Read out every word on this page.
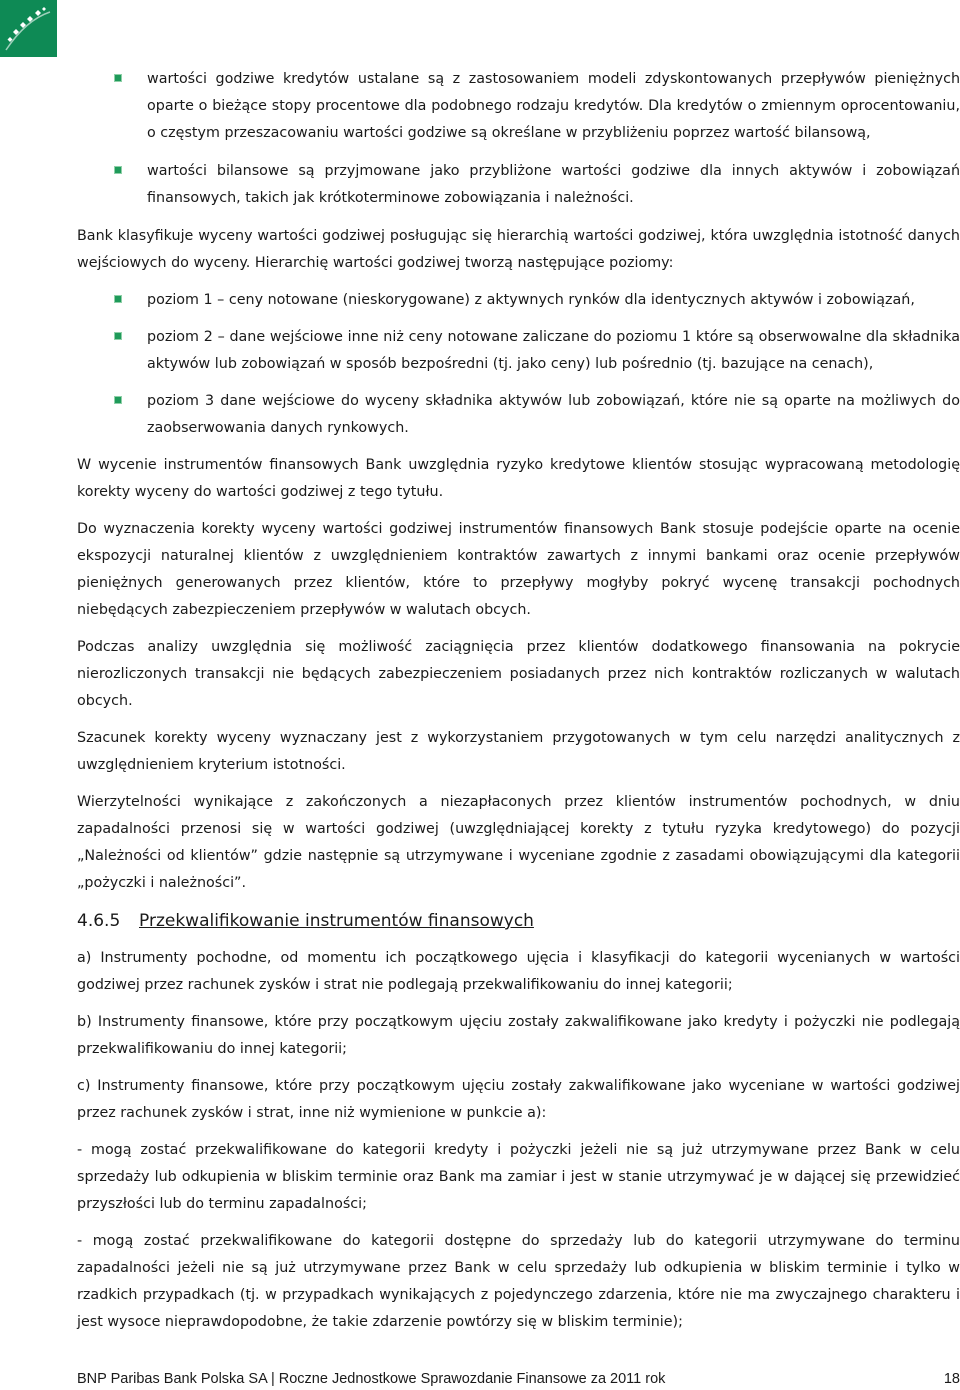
wartości godziwe kredytów ustalane są z zastosowaniem modeli zdyskontowanych przepływów pieniężnych oparte o bieżące stopy procentowe dla podobnego rodzaju kredytów. Dla kredytów o zmiennym oprocentowaniu, o częstym przeszacowaniu wartości godziwe są określane w przybliżeniu poprzez wartość bilansową,
wartości bilansowe są przyjmowane jako przybliżone wartości godziwe dla innych aktywów i zobowiązań finansowych, takich jak krótkoterminowe zobowiązania i należności.

Bank klasyfikuje wyceny wartości godziwej posługując się hierarchią wartości godziwej, która uwzględnia istotność danych wejściowych do wyceny. Hierarchię wartości godziwej tworzą następujące poziomy:

poziom 1 – ceny notowane (nieskorygowane) z aktywnych rynków dla identycznych aktywów i zobowiązań,
poziom 2 – dane wejściowe inne niż ceny notowane zaliczane do poziomu 1 które są obserwowalne dla składnika aktywów lub zobowiązań w sposób bezpośredni (tj. jako ceny) lub pośrednio (tj. bazujące na cenach),
poziom 3 dane wejściowe do wyceny składnika aktywów lub zobowiązań, które nie są oparte na możliwych do zaobserwowania danych rynkowych.

W wycenie instrumentów finansowych Bank uwzględnia ryzyko kredytowe klientów stosując wypracowaną metodologię korekty wyceny do wartości godziwej z tego tytułu.

Do wyznaczenia korekty wyceny wartości godziwej instrumentów finansowych Bank stosuje podejście oparte na ocenie ekspozycji naturalnej klientów z uwzględnieniem kontraktów zawartych z innymi bankami oraz ocenie przepływów pieniężnych generowanych przez klientów, które to przepływy mogłyby pokryć wycenę transakcji pochodnych niebędących zabezpieczeniem przepływów w walutach obcych.

Podczas analizy uwzględnia się możliwość zaciągnięcia przez klientów dodatkowego finansowania na pokrycie nierozliczonych transakcji nie będących zabezpieczeniem posiadanych przez nich kontraktów rozliczanych w walutach obcych.

Szacunek korekty wyceny wyznaczany jest z wykorzystaniem przygotowanych w tym celu narzędzi analitycznych z uwzględnieniem kryterium istotności.

Wierzytelności wynikające z zakończonych a niezapłaconych przez klientów instrumentów pochodnych, w dniu zapadalności przenosi się w wartości godziwej (uwzględniającej korekty z tytułu ryzyka kredytowego) do pozycji „Należności od klientów” gdzie następnie są utrzymywane i wyceniane zgodnie z zasadami obowiązującymi dla kategorii „pożyczki i należności”.

4.6.5 Przekwalifikowanie instrumentów finansowych

a) Instrumenty pochodne, od momentu ich początkowego ujęcia i klasyfikacji do kategorii wycenianych w wartości godziwej przez rachunek zysków i strat nie podlegają przekwalifikowaniu do innej kategorii;

b) Instrumenty finansowe, które przy początkowym ujęciu zostały zakwalifikowane jako kredyty i pożyczki nie podlegają przekwalifikowaniu do innej kategorii;

c) Instrumenty finansowe, które przy początkowym ujęciu zostały zakwalifikowane jako wyceniane w wartości godziwej przez rachunek zysków i strat, inne niż wymienione w punkcie a):

- mogą zostać przekwalifikowane do kategorii kredyty i pożyczki jeżeli nie są już utrzymywane przez Bank w celu sprzedaży lub odkupienia w bliskim terminie oraz Bank ma zamiar i jest w stanie utrzymywać je w dającej się przewidzieć przyszłości lub do terminu zapadalności;

- mogą zostać przekwalifikowane do kategorii dostępne do sprzedaży lub do kategorii utrzymywane do terminu zapadalności jeżeli nie są już utrzymywane przez Bank w celu sprzedaży lub odkupienia w bliskim terminie i tylko w rzadkich przypadkach (tj. w przypadkach wynikających z pojedynczego zdarzenia, które nie ma zwyczajnego charakteru i jest wysoce nieprawdopodobne, że takie zdarzenie powtórzy się w bliskim terminie);

BNP Paribas Bank Polska SA | Roczne Jednostkowe Sprawozdanie Finansowe za 2011 rok	18
